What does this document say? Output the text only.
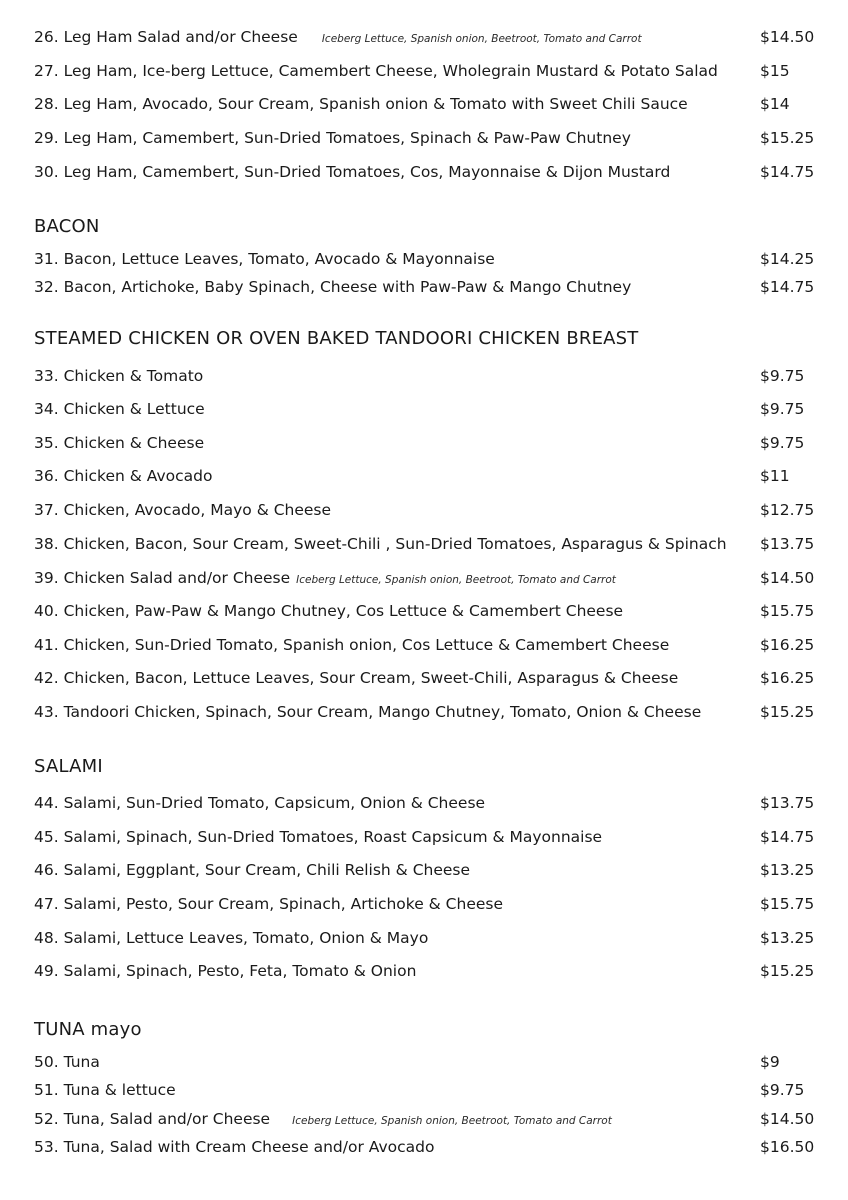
BACON
STEAMED CHICKEN OR OVEN BAKED TANDOORI CHICKEN BREAST
SALAMI
TUNA mayo
26. Leg Ham Salad and/or Cheese Iceberg Lettuce, Spanish onion, Beetroot, Tomato and Carrot	$14.50
27. Leg Ham, Ice-berg Lettuce, Camembert Cheese, Wholegrain Mustard & Potato Salad	$15
28. Leg Ham, Avocado, Sour Cream, Spanish onion & Tomato with Sweet Chili Sauce	$14
29. Leg Ham, Camembert, Sun-Dried Tomatoes, Spinach & Paw-Paw Chutney	$15.25
30. Leg Ham, Camembert, Sun-Dried Tomatoes, Cos, Mayonnaise & Dijon Mustard	$14.75
31. Bacon, Lettuce Leaves, Tomato, Avocado & Mayonnaise	$14.25
32. Bacon, Artichoke, Baby Spinach, Cheese with Paw-Paw & Mango Chutney	$14.75
33. Chicken & Tomato	$9.75
34. Chicken & Lettuce	$9.75
35. Chicken & Cheese	$9.75
36. Chicken & Avocado	$11
37. Chicken, Avocado, Mayo & Cheese	$12.75
38. Chicken, Bacon, Sour Cream, Sweet-Chili , Sun-Dried Tomatoes, Asparagus & Spinach $13.75
39. Chicken Salad and/or Cheese Iceberg Lettuce, Spanish onion, Beetroot, Tomato and Carrot	$14.50
40. Chicken, Paw-Paw & Mango Chutney, Cos Lettuce & Camembert Cheese	$15.75
41. Chicken, Sun-Dried Tomato, Spanish onion, Cos Lettuce & Camembert Cheese	$16.25
42. Chicken, Bacon, Lettuce Leaves, Sour Cream, Sweet-Chili, Asparagus & Cheese	$16.25
43. Tandoori Chicken, Spinach, Sour Cream, Mango Chutney, Tomato, Onion & Cheese	$15.25
44. Salami, Sun-Dried Tomato, Capsicum, Onion & Cheese	$13.75
45. Salami, Spinach, Sun-Dried Tomatoes, Roast Capsicum & Mayonnaise	$14.75
46. Salami, Eggplant, Sour Cream, Chili Relish & Cheese	$13.25
47. Salami, Pesto, Sour Cream, Spinach, Artichoke & Cheese	$15.75
48. Salami, Lettuce Leaves, Tomato, Onion & Mayo	$13.25
49. Salami, Spinach, Pesto, Feta, Tomato & Onion	$15.25
50. Tuna	$9
51. Tuna & lettuce	$9.75
52. Tuna, Salad and/or Cheese Iceberg Lettuce, Spanish onion, Beetroot, Tomato and Carrot	$14.50
53. Tuna, Salad with Cream Cheese and/or Avocado	$16.50
